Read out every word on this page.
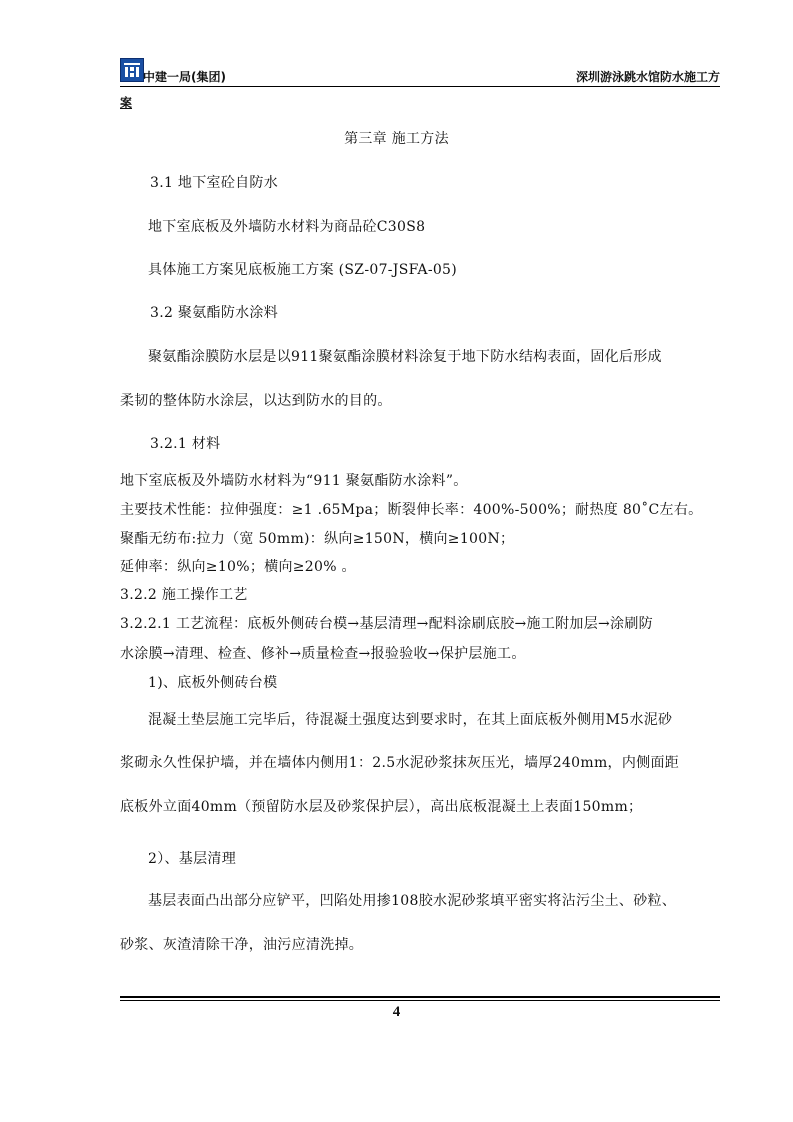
中建一局(集团)	深圳游泳跳水馆防水施工方
案
第三章 施工方法
3.1 地下室砼自防水
地下室底板及外墙防水材料为商品砼C30S8
具体施工方案见底板施工方案 (SZ-07-JSFA-05)
3.2 聚氨酯防水涂料
聚氨酯涂膜防水层是以911聚氨酯涂膜材料涂复于地下防水结构表面，固化后形成
柔韧的整体防水涂层，以达到防水的目的。
3.2.1 材料
地下室底板及外墙防水材料为“911 聚氨酯防水涂料”。
主要技术性能：拉伸强度：≥1 .65Mpa；断裂伸长率：400%-500%；耐热度 80˚C左右。
聚酯无纺布:拉力（宽 50mm)：纵向≥150N，横向≥100N；
延伸率：纵向≥10%；横向≥20% 。
3.2.2 施工操作工艺
3.2.2.1 工艺流程：底板外侧砖台模→基层清理→配料涂刷底胶→施工附加层→涂刷防
水涂膜→清理、检查、修补→质量检查→报验验收→保护层施工。
1)、底板外侧砖台模
混凝土垫层施工完毕后，待混凝土强度达到要求时，在其上面底板外侧用M5水泥砂
浆砌永久性保护墙，并在墙体内侧用1：2.5水泥砂浆抹灰压光，墙厚240mm，内侧面距
底板外立面40mm（预留防水层及砂浆保护层），高出底板混凝土上表面150mm；
2）、基层清理
基层表面凸出部分应铲平，凹陷处用掺108胶水泥砂浆填平密实将沾污尘土、砂粒、
砂浆、灰渣清除干净，油污应清洗掉。
4
